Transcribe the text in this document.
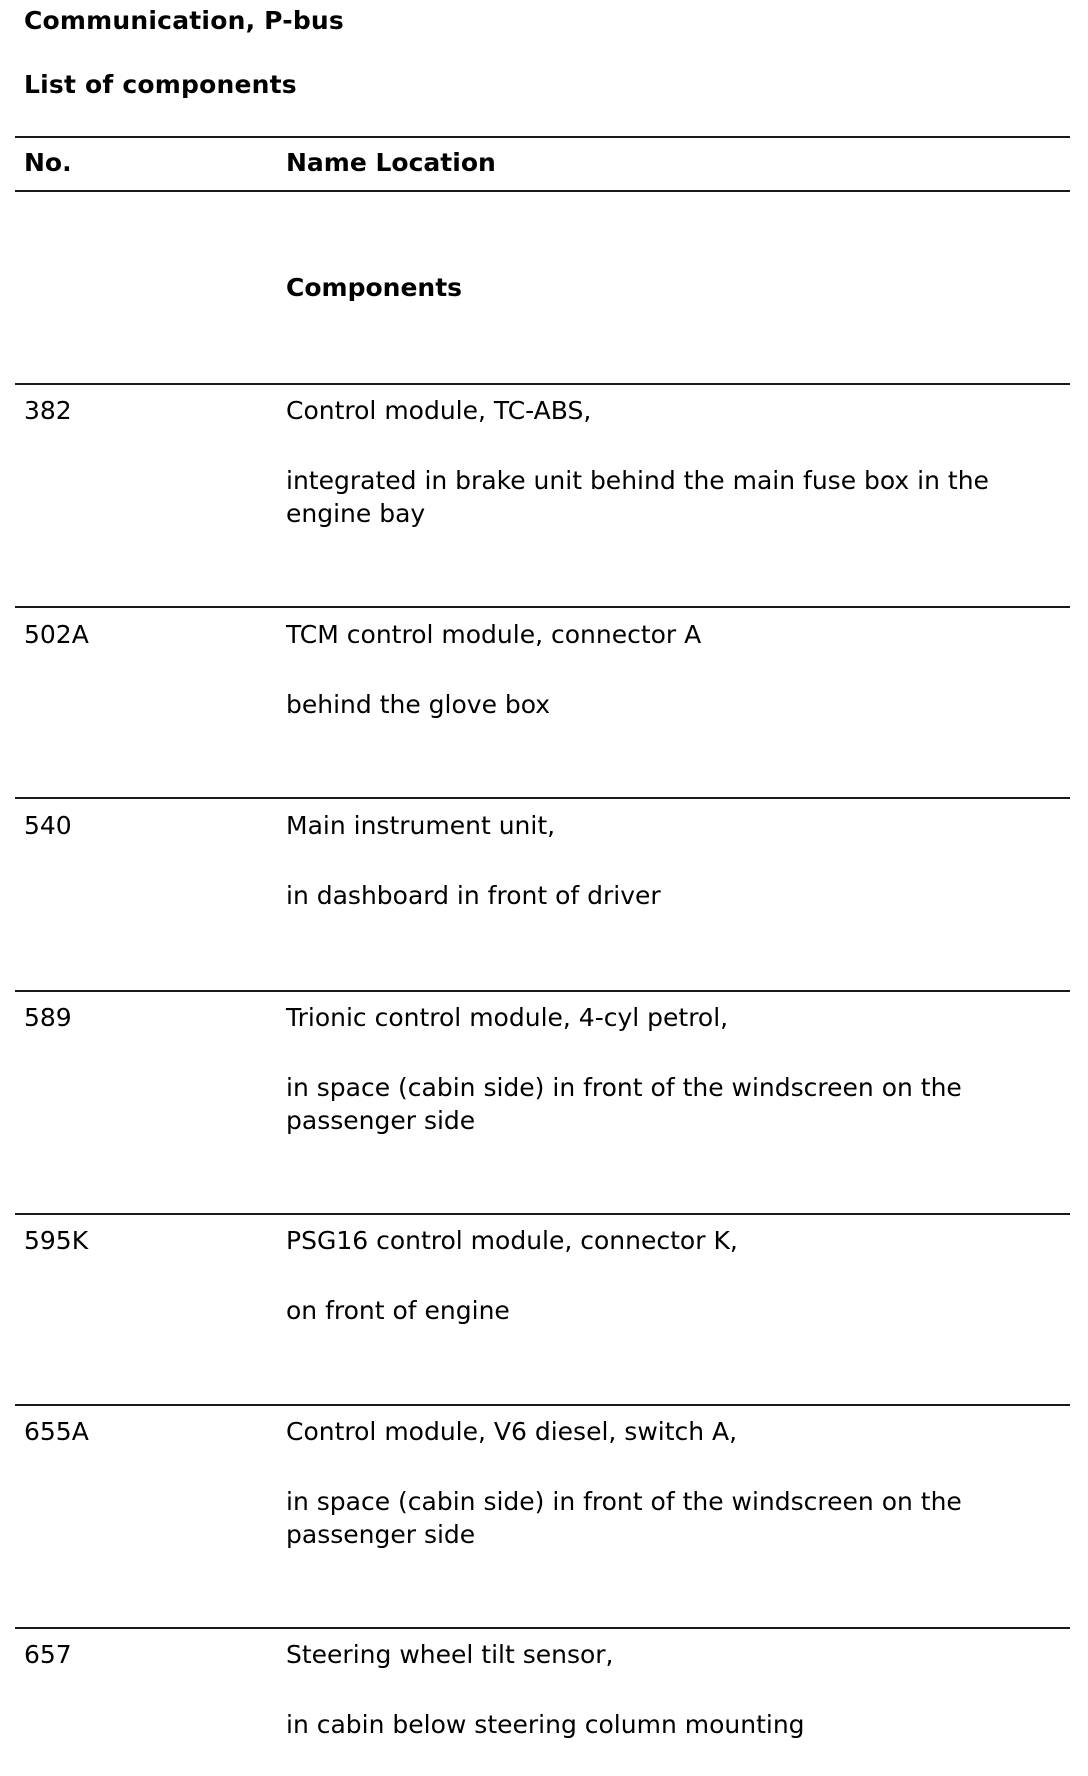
Communication, P-bus
List of components
No.	Name Location
Components
382	Control module, TC-ABS,
integrated in brake unit behind the main fuse box in the engine bay
502A	TCM control module, connector A
behind the glove box
540	Main instrument unit,
in dashboard in front of driver
589	Trionic control module, 4-cyl petrol,
in space (cabin side) in front of the windscreen on the passenger side
595K	PSG16 control module, connector K,
on front of engine
655A	Control module, V6 diesel, switch A,
in space (cabin side) in front of the windscreen on the passenger side
657	Steering wheel tilt sensor,
in cabin below steering column mounting
